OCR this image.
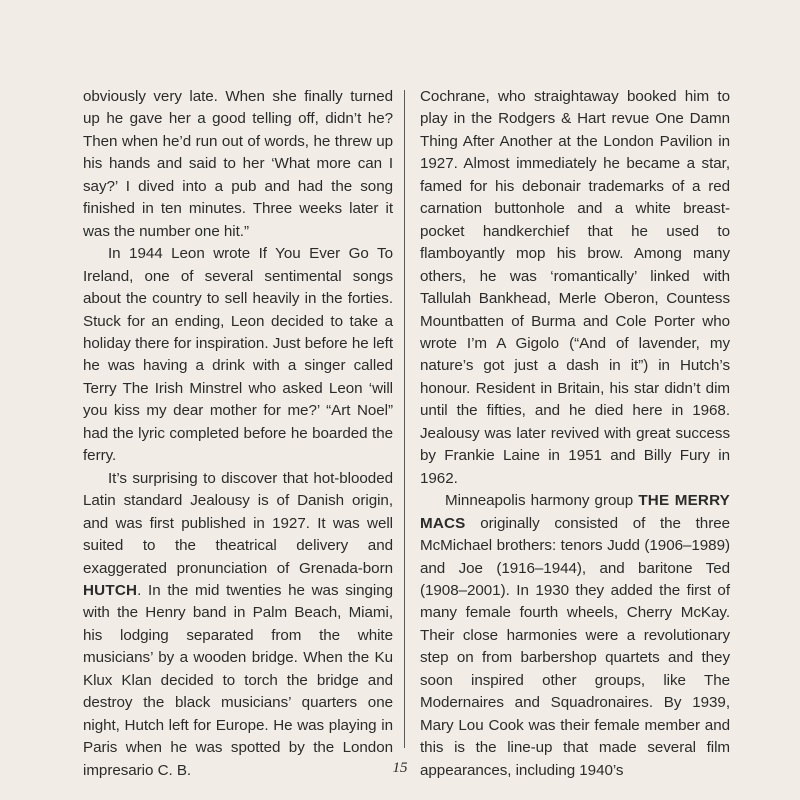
obviously very late. When she finally turned up he gave her a good telling off, didn’t he? Then when he’d run out of words, he threw up his hands and said to her ‘What more can I say?’ I dived into a pub and had the song finished in ten minutes. Three weeks later it was the number one hit.”

In 1944 Leon wrote If You Ever Go To Ireland, one of several sentimental songs about the country to sell heavily in the forties. Stuck for an ending, Leon decided to take a holiday there for inspiration. Just before he left he was having a drink with a singer called Terry The Irish Minstrel who asked Leon ‘will you kiss my dear mother for me?’ “Art Noel” had the lyric completed before he boarded the ferry.

It’s surprising to discover that hot-blooded Latin standard Jealousy is of Danish origin, and was first published in 1927. It was well suited to the theatrical delivery and exaggerated pronunciation of Grenada-born HUTCH. In the mid twenties he was singing with the Henry band in Palm Beach, Miami, his lodging separated from the white musicians’ by a wooden bridge. When the Ku Klux Klan decided to torch the bridge and destroy the black musicians’ quarters one night, Hutch left for Europe. He was playing in Paris when he was spotted by the London impresario C. B.

Cochrane, who straightaway booked him to play in the Rodgers & Hart revue One Damn Thing After Another at the London Pavilion in 1927. Almost immediately he became a star, famed for his debonair trademarks of a red carnation buttonhole and a white breast-pocket handkerchief that he used to flamboyantly mop his brow. Among many others, he was ‘romantically’ linked with Tallulah Bankhead, Merle Oberon, Countess Mountbatten of Burma and Cole Porter who wrote I’m A Gigolo (“And of lavender, my nature’s got just a dash in it”) in Hutch’s honour. Resident in Britain, his star didn’t dim until the fifties, and he died here in 1968. Jealousy was later revived with great success by Frankie Laine in 1951 and Billy Fury in 1962.

Minneapolis harmony group THE MERRY MACS originally consisted of the three McMichael brothers: tenors Judd (1906–1989) and Joe (1916–1944), and baritone Ted (1908–2001). In 1930 they added the first of many female fourth wheels, Cherry McKay. Their close harmonies were a revolutionary step on from barbershop quartets and they soon inspired other groups, like The Modernaires and Squadronaires. By 1939, Mary Lou Cook was their female member and this is the line-up that made several film appearances, including 1940’s

15
